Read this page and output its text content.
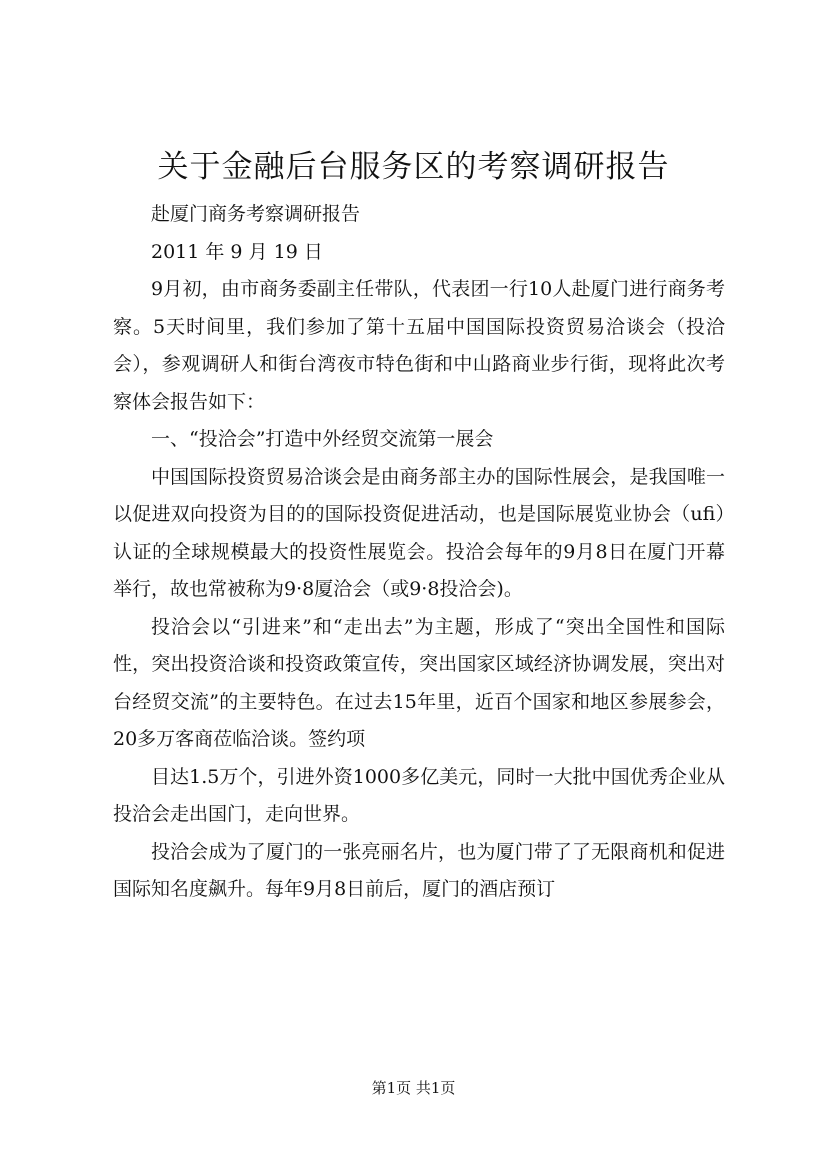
关于金融后台服务区的考察调研报告

赴厦门商务考察调研报告

2011 年 9 月 19 日

9月初，由市商务委副主任带队，代表团一行10人赴厦门进行商务考察。5天时间里，我们参加了第十五届中国国际投资贸易洽谈会（投洽会），参观调研人和街台湾夜市特色街和中山路商业步行街，现将此次考察体会报告如下：

一、“投洽会”打造中外经贸交流第一展会

中国国际投资贸易洽谈会是由商务部主办的国际性展会，是我国唯一以促进双向投资为目的的国际投资促进活动，也是国际展览业协会（ufi）认证的全球规模最大的投资性展览会。投洽会每年的9月8日在厦门开幕举行，故也常被称为9·8厦洽会（或9·8投洽会)。

投洽会以“引进来”和“走出去”为主题，形成了“突出全国性和国际性，突出投资洽谈和投资政策宣传，突出国家区域经济协调发展，突出对台经贸交流”的主要特色。在过去15年里，近百个国家和地区参展参会，20多万客商莅临洽谈。签约项

目达1.5万个，引进外资1000多亿美元，同时一大批中国优秀企业从投洽会走出国门，走向世界。

投洽会成为了厦门的一张亮丽名片，也为厦门带了了无限商机和促进国际知名度飙升。每年9月8日前后，厦门的酒店预订

第1页 共1页
